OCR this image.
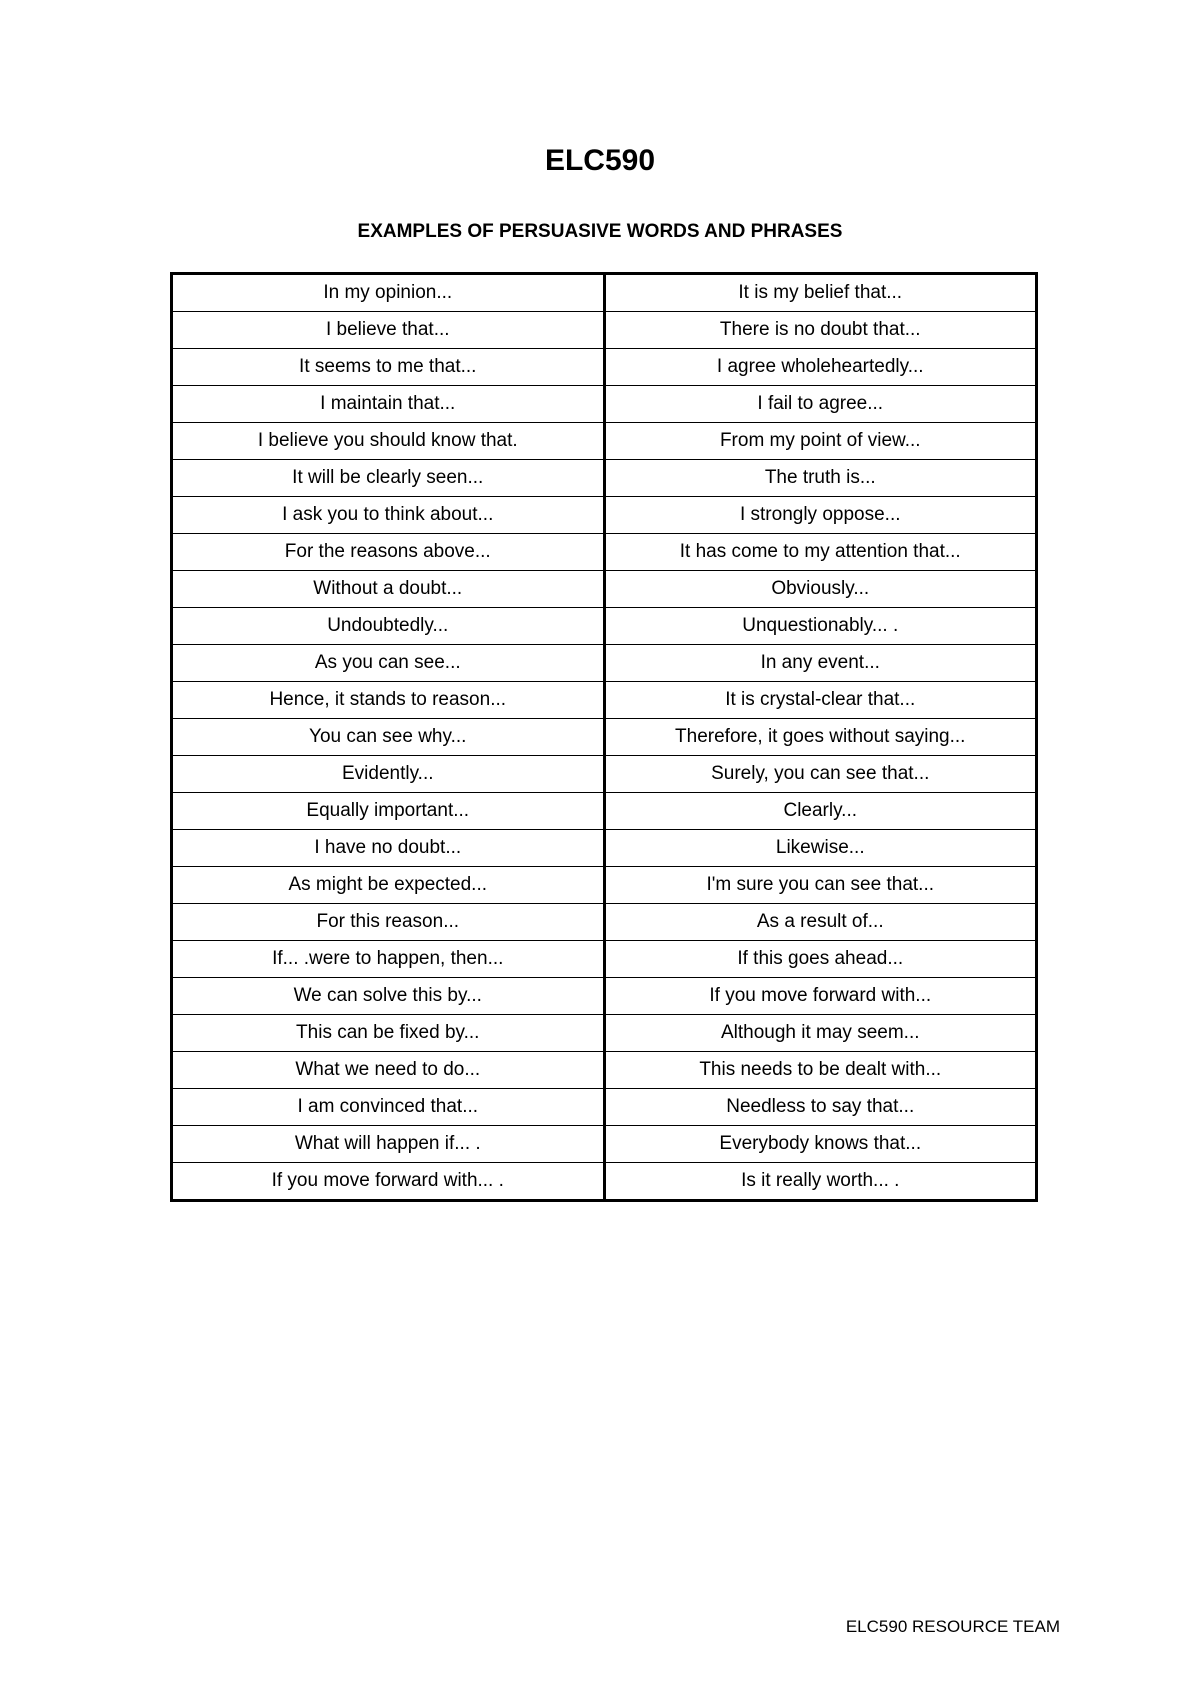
ELC590
EXAMPLES OF PERSUASIVE WORDS AND PHRASES
In my opinion...	It is my belief that...
I believe that...	There is no doubt that...
It seems to me that...	I agree wholeheartedly...
I maintain that...	I fail to agree...
I believe you should know that.	From my point of view...
It will be clearly seen...	The truth is...
I ask you to think about...	I strongly oppose...
For the reasons above...	It has come to my attention that...
Without a doubt...	Obviously...
Undoubtedly...	Unquestionably... .
As you can see...	In any event...
Hence, it stands to reason...	It is crystal-clear that...
You can see why...	Therefore, it goes without saying...
Evidently...	Surely, you can see that...
Equally important...	Clearly...
I have no doubt...	Likewise...
As might be expected...	I'm sure you can see that...
For this reason...	As a result of...
If... .were to happen, then...	If this goes ahead...
We can solve this by...	If you move forward with...
This can be fixed by...	Although it may seem...
What we need to do...	This needs to be dealt with...
I am convinced that...	Needless to say that...
What will happen if... .	Everybody knows that...
If you move forward with... .	Is it really worth... .
ELC590 RESOURCE TEAM
